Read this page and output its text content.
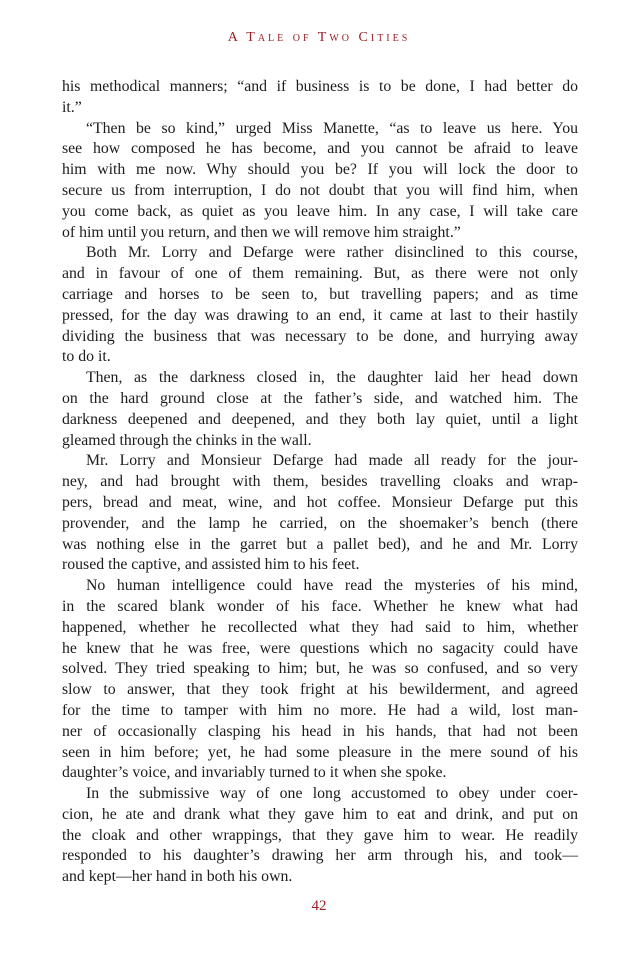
A Tale of Two Cities
his methodical manners; “and if business is to be done, I had better do
it.”
“Then be so kind,” urged Miss Manette, “as to leave us here. You
see how composed he has become, and you cannot be afraid to leave
him with me now. Why should you be? If you will lock the door to
secure us from interruption, I do not doubt that you will find him, when
you come back, as quiet as you leave him. In any case, I will take care
of him until you return, and then we will remove him straight.”
Both Mr. Lorry and Defarge were rather disinclined to this course,
and in favour of one of them remaining. But, as there were not only
carriage and horses to be seen to, but travelling papers; and as time
pressed, for the day was drawing to an end, it came at last to their hastily
dividing the business that was necessary to be done, and hurrying away
to do it.
Then, as the darkness closed in, the daughter laid her head down
on the hard ground close at the father’s side, and watched him. The
darkness deepened and deepened, and they both lay quiet, until a light
gleamed through the chinks in the wall.
Mr. Lorry and Monsieur Defarge had made all ready for the jour-
ney, and had brought with them, besides travelling cloaks and wrap-
pers, bread and meat, wine, and hot coffee. Monsieur Defarge put this
provender, and the lamp he carried, on the shoemaker’s bench (there
was nothing else in the garret but a pallet bed), and he and Mr. Lorry
roused the captive, and assisted him to his feet.
No human intelligence could have read the mysteries of his mind,
in the scared blank wonder of his face. Whether he knew what had
happened, whether he recollected what they had said to him, whether
he knew that he was free, were questions which no sagacity could have
solved. They tried speaking to him; but, he was so confused, and so very
slow to answer, that they took fright at his bewilderment, and agreed
for the time to tamper with him no more. He had a wild, lost man-
ner of occasionally clasping his head in his hands, that had not been
seen in him before; yet, he had some pleasure in the mere sound of his
daughter’s voice, and invariably turned to it when she spoke.
In the submissive way of one long accustomed to obey under coer-
cion, he ate and drank what they gave him to eat and drink, and put on
the cloak and other wrappings, that they gave him to wear. He readily
responded to his daughter’s drawing her arm through his, and took—
and kept—her hand in both his own.
42
